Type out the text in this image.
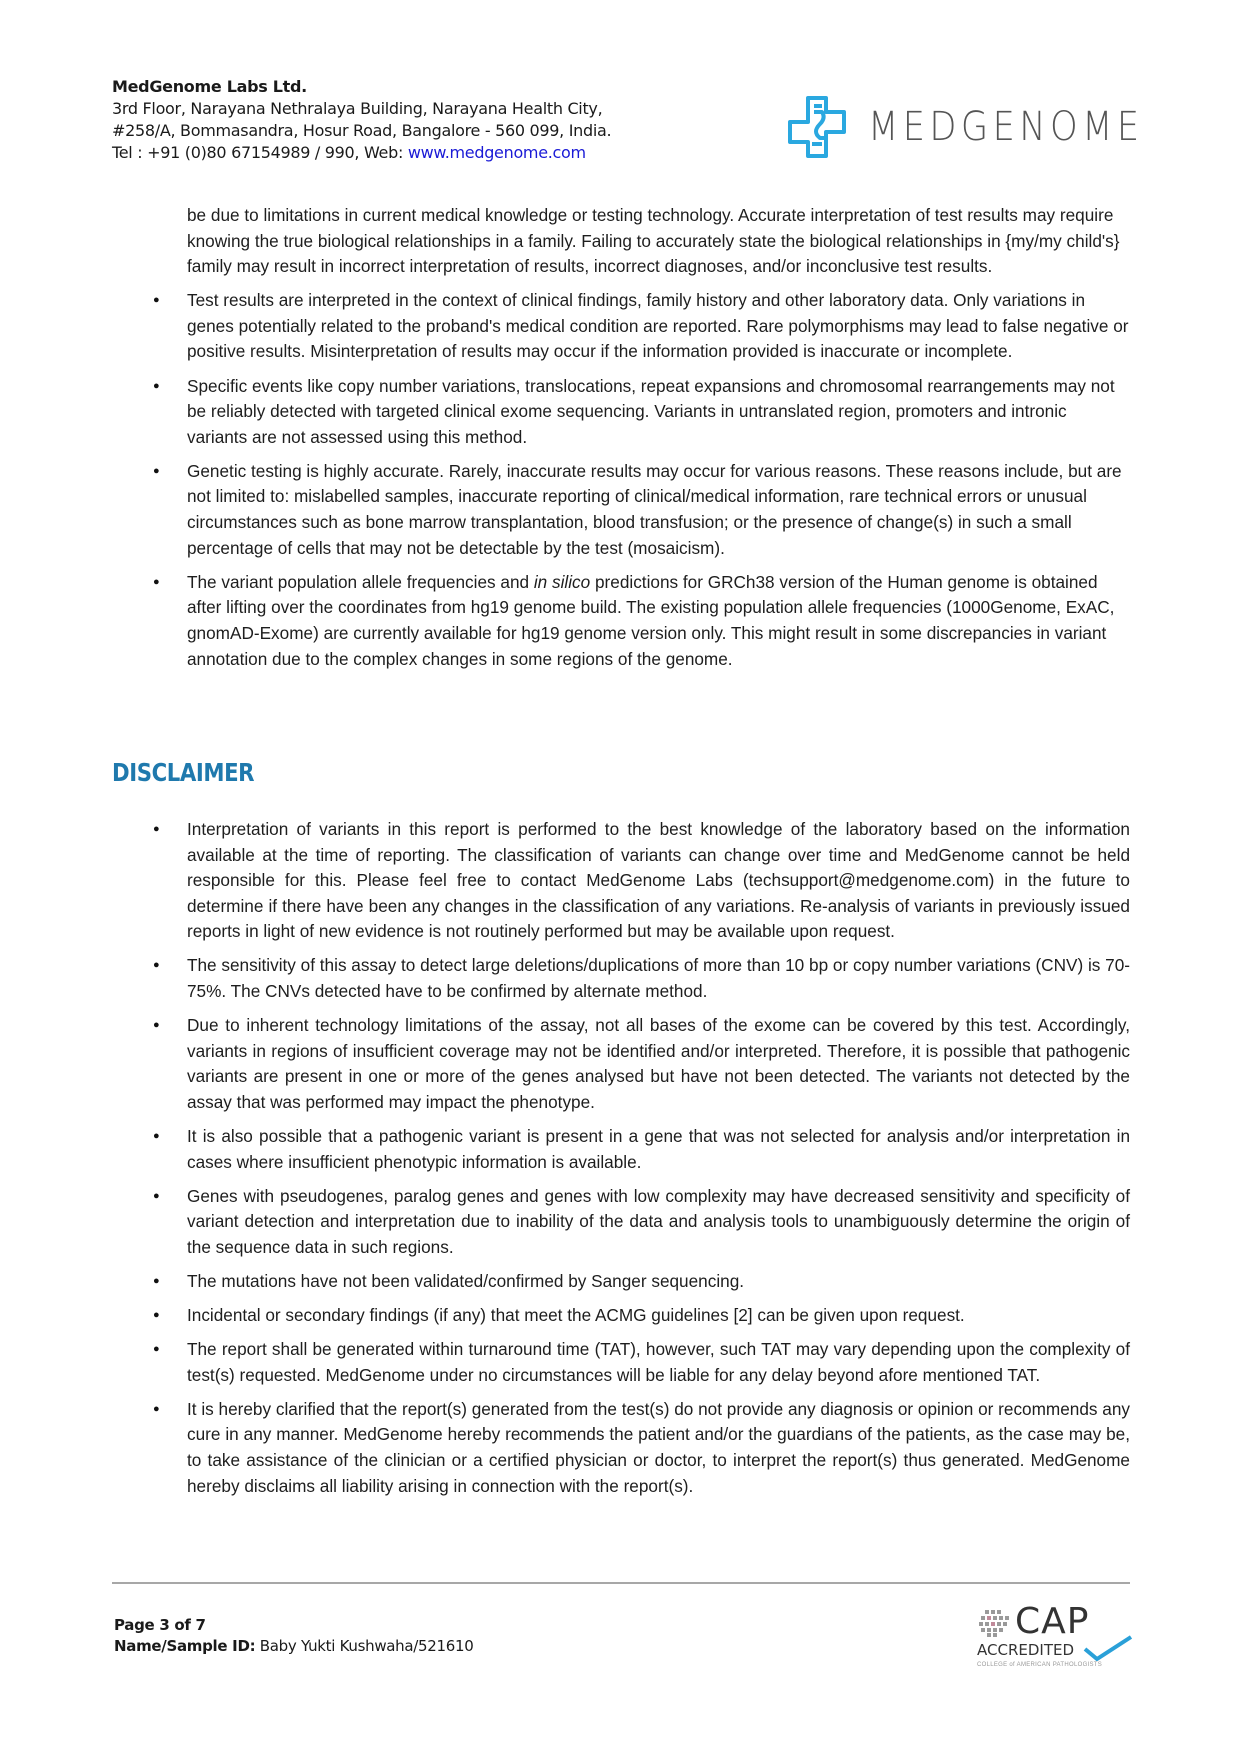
MedGenome Labs Ltd.
3rd Floor, Narayana Nethralaya Building, Narayana Health City,
#258/A, Bommasandra, Hosur Road, Bangalore - 560 099, India.
Tel : +91 (0)80 67154989 / 990, Web: www.medgenome.com
MEDGENOME
be due to limitations in current medical knowledge or testing technology. Accurate interpretation of test results may require knowing the true biological relationships in a family. Failing to accurately state the biological relationships in {my/my child's} family may result in incorrect interpretation of results, incorrect diagnoses, and/or inconclusive test results.
● Test results are interpreted in the context of clinical findings, family history and other laboratory data. Only variations in genes potentially related to the proband's medical condition are reported. Rare polymorphisms may lead to false negative or positive results. Misinterpretation of results may occur if the information provided is inaccurate or incomplete.
● Specific events like copy number variations, translocations, repeat expansions and chromosomal rearrangements may not be reliably detected with targeted clinical exome sequencing. Variants in untranslated region, promoters and intronic variants are not assessed using this method.
● Genetic testing is highly accurate. Rarely, inaccurate results may occur for various reasons. These reasons include, but are not limited to: mislabelled samples, inaccurate reporting of clinical/medical information, rare technical errors or unusual circumstances such as bone marrow transplantation, blood transfusion; or the presence of change(s) in such a small percentage of cells that may not be detectable by the test (mosaicism).
● The variant population allele frequencies and in silico predictions for GRCh38 version of the Human genome is obtained after lifting over the coordinates from hg19 genome build. The existing population allele frequencies (1000Genome, ExAC, gnomAD-Exome) are currently available for hg19 genome version only. This might result in some discrepancies in variant annotation due to the complex changes in some regions of the genome.
DISCLAIMER
● Interpretation of variants in this report is performed to the best knowledge of the laboratory based on the information available at the time of reporting. The classification of variants can change over time and MedGenome cannot be held responsible for this. Please feel free to contact MedGenome Labs (techsupport@medgenome.com) in the future to determine if there have been any changes in the classification of any variations. Re-analysis of variants in previously issued reports in light of new evidence is not routinely performed but may be available upon request.
● The sensitivity of this assay to detect large deletions/duplications of more than 10 bp or copy number variations (CNV) is 70-75%. The CNVs detected have to be confirmed by alternate method.
● Due to inherent technology limitations of the assay, not all bases of the exome can be covered by this test. Accordingly, variants in regions of insufficient coverage may not be identified and/or interpreted. Therefore, it is possible that pathogenic variants are present in one or more of the genes analysed but have not been detected. The variants not detected by the assay that was performed may impact the phenotype.
● It is also possible that a pathogenic variant is present in a gene that was not selected for analysis and/or interpretation in cases where insufficient phenotypic information is available.
● Genes with pseudogenes, paralog genes and genes with low complexity may have decreased sensitivity and specificity of variant detection and interpretation due to inability of the data and analysis tools to unambiguously determine the origin of the sequence data in such regions.
● The mutations have not been validated/confirmed by Sanger sequencing.
● Incidental or secondary findings (if any) that meet the ACMG guidelines [2] can be given upon request.
● The report shall be generated within turnaround time (TAT), however, such TAT may vary depending upon the complexity of test(s) requested. MedGenome under no circumstances will be liable for any delay beyond afore mentioned TAT.
● It is hereby clarified that the report(s) generated from the test(s) do not provide any diagnosis or opinion or recommends any cure in any manner. MedGenome hereby recommends the patient and/or the guardians of the patients, as the case may be, to take assistance of the clinician or a certified physician or doctor, to interpret the report(s) thus generated. MedGenome hereby disclaims all liability arising in connection with the report(s).
Page 3 of 7
Name/Sample ID: Baby Yukti Kushwaha/521610
CAP
ACCREDITED
COLLEGE of AMERICAN PATHOLOGISTS
